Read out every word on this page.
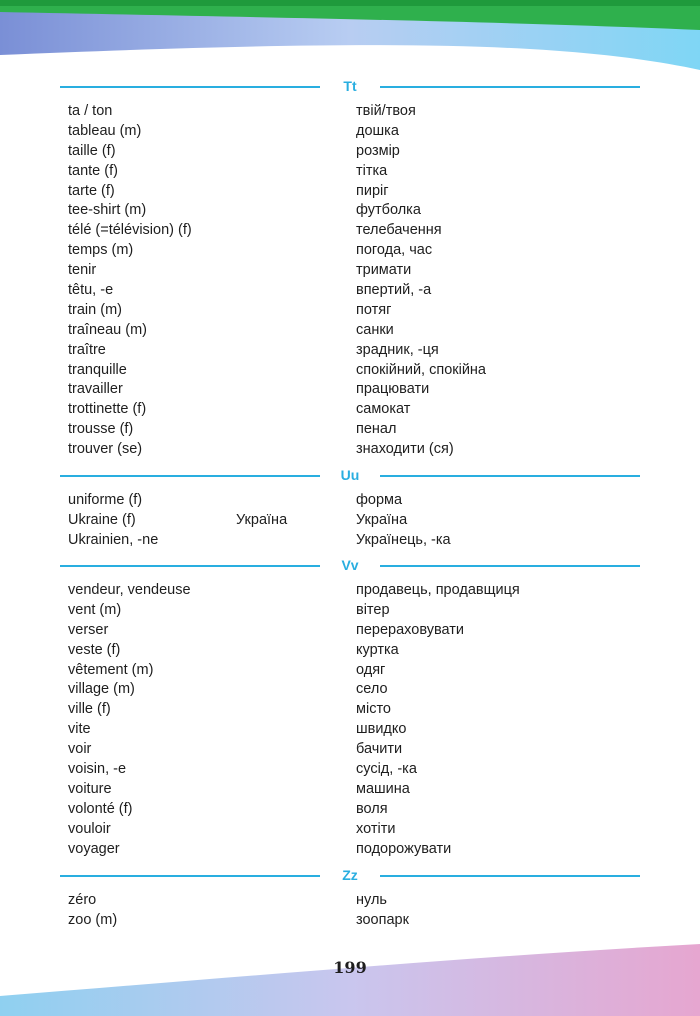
Tt
ta / ton	твій/твоя
tableau (m)	дошка
taille (f)	розмір
tante (f)	тітка
tarte (f)	пиріг
tee-shirt (m)	футболка
télé (=télévision) (f)	телебачення
temps (m)	погода, час
tenir	тримати
têtu, -e	впертий, -а
train (m)	потяг
traîneau (m)	санки
traître	зрадник, -ця
tranquille	спокійний, спокійна
travailler	працювати
trottinette (f)	самокат
trousse (f)	пенал
trouver (se)	знаходити (ся)
Uu
uniforme (f)	форма
Ukraine (f)	Україна	Україна
Ukrainien, -ne	Українець, -ка
Vv
vendeur, vendeuse	продавець, продавщиця
vent (m)	вітер
verser	перераховувати
veste (f)	куртка
vêtement (m)	одяг
village (m)	село
ville (f)	місто
vite	швидко
voir	бачити
voisin, -e	сусід, -ка
voiture	машина
volonté (f)	воля
vouloir	хотіти
voyager	подорожувати
Zz
zéro	нуль
zoo (m)	зоопарк
199
